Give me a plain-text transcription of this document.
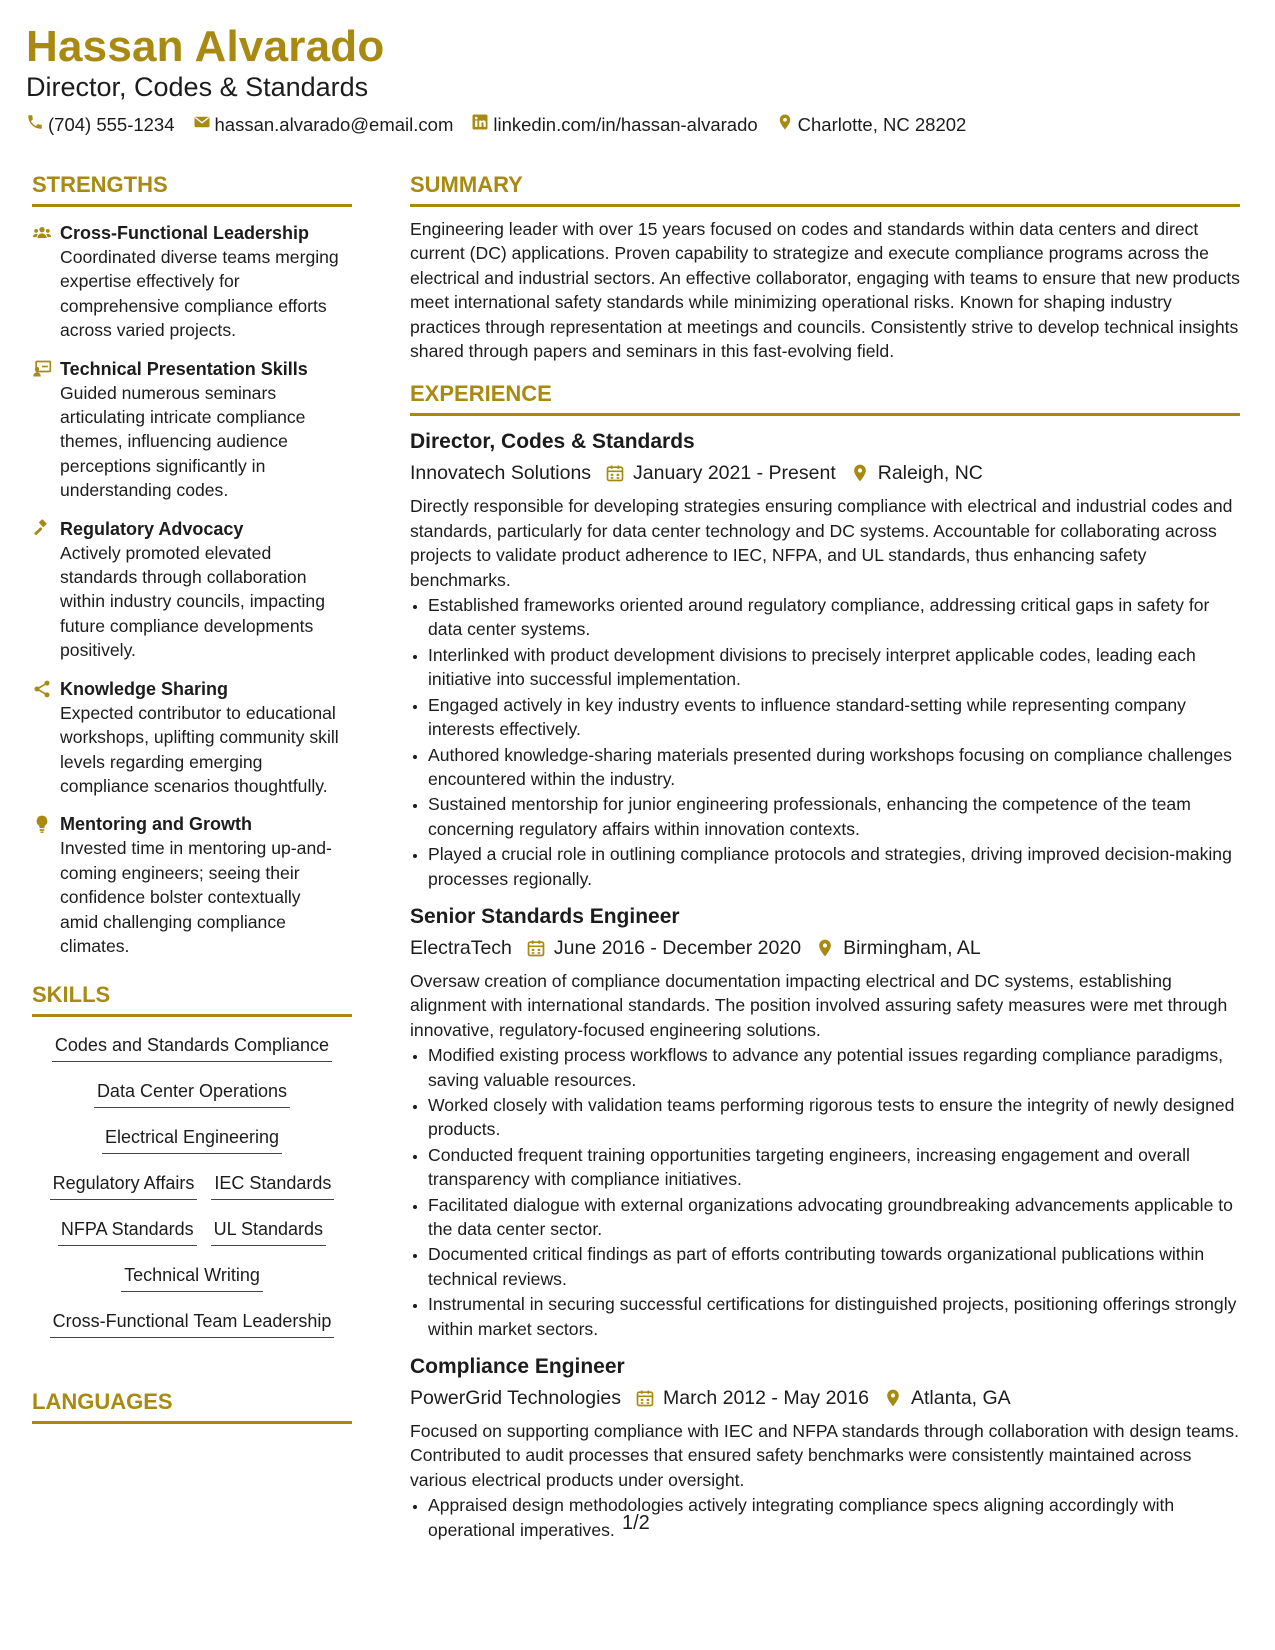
Hassan Alvarado
Director, Codes & Standards
(704) 555-1234 hassan.alvarado@email.com linkedin.com/in/hassan-alvarado Charlotte, NC 28202
STRENGTHS
Cross-Functional Leadership
Coordinated diverse teams merging expertise effectively for comprehensive compliance efforts across varied projects.
Technical Presentation Skills
Guided numerous seminars articulating intricate compliance themes, influencing audience perceptions significantly in understanding codes.
Regulatory Advocacy
Actively promoted elevated standards through collaboration within industry councils, impacting future compliance developments positively.
Knowledge Sharing
Expected contributor to educational workshops, uplifting community skill levels regarding emerging compliance scenarios thoughtfully.
Mentoring and Growth
Invested time in mentoring up-and-coming engineers; seeing their confidence bolster contextually amid challenging compliance climates.
SKILLS
Codes and Standards Compliance
Data Center Operations
Electrical Engineering
Regulatory Affairs IEC Standards
NFPA Standards UL Standards
Technical Writing
Cross-Functional Team Leadership
LANGUAGES
SUMMARY
Engineering leader with over 15 years focused on codes and standards within data centers and direct current (DC) applications. Proven capability to strategize and execute compliance programs across the electrical and industrial sectors. An effective collaborator, engaging with teams to ensure that new products meet international safety standards while minimizing operational risks. Known for shaping industry practices through representation at meetings and councils. Consistently strive to develop technical insights shared through papers and seminars in this fast-evolving field.
EXPERIENCE
Director, Codes & Standards
Innovatech Solutions January 2021 - Present Raleigh, NC
Directly responsible for developing strategies ensuring compliance with electrical and industrial codes and standards, particularly for data center technology and DC systems. Accountable for collaborating across projects to validate product adherence to IEC, NFPA, and UL standards, thus enhancing safety benchmarks.
• Established frameworks oriented around regulatory compliance, addressing critical gaps in safety for data center systems.
• Interlinked with product development divisions to precisely interpret applicable codes, leading each initiative into successful implementation.
• Engaged actively in key industry events to influence standard-setting while representing company interests effectively.
• Authored knowledge-sharing materials presented during workshops focusing on compliance challenges encountered within the industry.
• Sustained mentorship for junior engineering professionals, enhancing the competence of the team concerning regulatory affairs within innovation contexts.
• Played a crucial role in outlining compliance protocols and strategies, driving improved decision-making processes regionally.
Senior Standards Engineer
ElectraTech June 2016 - December 2020 Birmingham, AL
Oversaw creation of compliance documentation impacting electrical and DC systems, establishing alignment with international standards. The position involved assuring safety measures were met through innovative, regulatory-focused engineering solutions.
• Modified existing process workflows to advance any potential issues regarding compliance paradigms, saving valuable resources.
• Worked closely with validation teams performing rigorous tests to ensure the integrity of newly designed products.
• Conducted frequent training opportunities targeting engineers, increasing engagement and overall transparency with compliance initiatives.
• Facilitated dialogue with external organizations advocating groundbreaking advancements applicable to the data center sector.
• Documented critical findings as part of efforts contributing towards organizational publications within technical reviews.
• Instrumental in securing successful certifications for distinguished projects, positioning offerings strongly within market sectors.
Compliance Engineer
PowerGrid Technologies March 2012 - May 2016 Atlanta, GA
Focused on supporting compliance with IEC and NFPA standards through collaboration with design teams. Contributed to audit processes that ensured safety benchmarks were consistently maintained across various electrical products under oversight.
• Appraised design methodologies actively integrating compliance specs aligning accordingly with operational imperatives. 1/2
